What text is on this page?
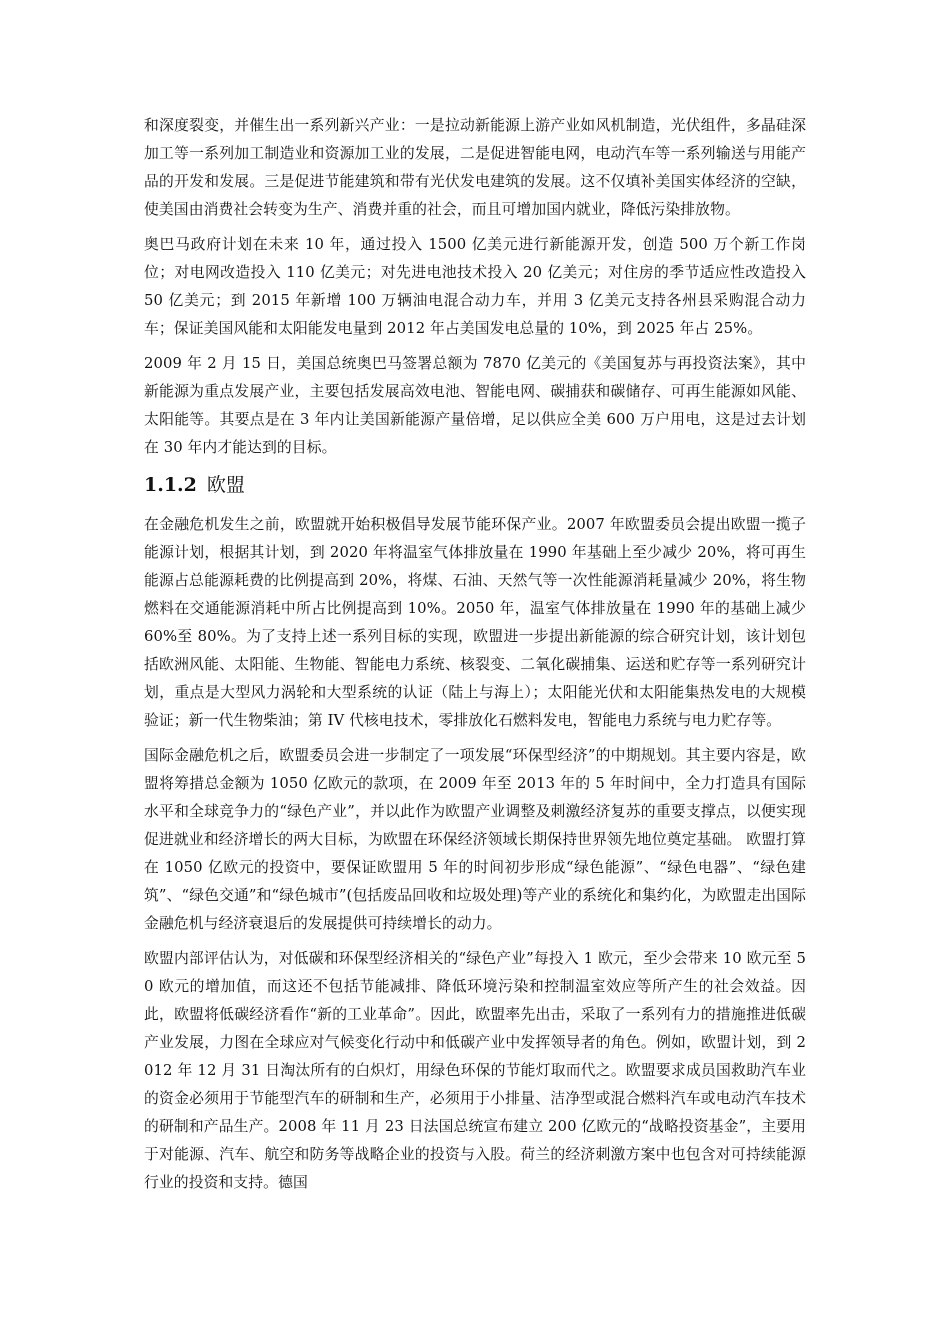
和深度裂变，并催生出一系列新兴产业：一是拉动新能源上游产业如风机制造，光伏组件，多晶硅深加工等一系列加工制造业和资源加工业的发展，二是促进智能电网，电动汽车等一系列输送与用能产品的开发和发展。三是促进节能建筑和带有光伏发电建筑的发展。这不仅填补美国实体经济的空缺，使美国由消费社会转变为生产、消费并重的社会，而且可增加国内就业，降低污染排放物。

奥巴马政府计划在未来 10 年，通过投入 1500 亿美元进行新能源开发，创造 500 万个新工作岗位；对电网改造投入 110 亿美元；对先进电池技术投入 20 亿美元；对住房的季节适应性改造投入 50 亿美元；到 2015 年新增 100 万辆油电混合动力车，并用 3 亿美元支持各州县采购混合动力车；保证美国风能和太阳能发电量到 2012 年占美国发电总量的 10%，到 2025 年占 25%。

2009 年 2 月 15 日，美国总统奥巴马签署总额为 7870 亿美元的《美国复苏与再投资法案》，其中新能源为重点发展产业，主要包括发展高效电池、智能电网、碳捕获和碳储存、可再生能源如风能、太阳能等。其要点是在 3 年内让美国新能源产量倍增，足以供应全美 600 万户用电，这是过去计划在 30 年内才能达到的目标。

1.1.2 欧盟

在金融危机发生之前，欧盟就开始积极倡导发展节能环保产业。2007 年欧盟委员会提出欧盟一揽子能源计划，根据其计划，到 2020 年将温室气体排放量在 1990 年基础上至少减少 20%，将可再生能源占总能源耗费的比例提高到 20%，将煤、石油、天然气等一次性能源消耗量减少 20%，将生物燃料在交通能源消耗中所占比例提高到 10%。2050 年，温室气体排放量在 1990 年的基础上减少 60%至 80%。为了支持上述一系列目标的实现，欧盟进一步提出新能源的综合研究计划，该计划包括欧洲风能、太阳能、生物能、智能电力系统、核裂变、二氧化碳捕集、运送和贮存等一系列研究计划，重点是大型风力涡轮和大型系统的认证（陆上与海上）；太阳能光伏和太阳能集热发电的大规模验证；新一代生物柴油；第 IV 代核电技术，零排放化石燃料发电，智能电力系统与电力贮存等。

国际金融危机之后，欧盟委员会进一步制定了一项发展“环保型经济”的中期规划。其主要内容是，欧盟将筹措总金额为 1050 亿欧元的款项，在 2009 年至 2013 年的 5 年时间中，全力打造具有国际水平和全球竞争力的“绿色产业”，并以此作为欧盟产业调整及刺激经济复苏的重要支撑点，以便实现促进就业和经济增长的两大目标，为欧盟在环保经济领域长期保持世界领先地位奠定基础。 欧盟打算在 1050 亿欧元的投资中，要保证欧盟用 5 年的时间初步形成“绿色能源”、“绿色电器”、“绿色建筑”、“绿色交通”和“绿色城市”(包括废品回收和垃圾处理)等产业的系统化和集约化，为欧盟走出国际金融危机与经济衰退后的发展提供可持续增长的动力。

欧盟内部评估认为，对低碳和环保型经济相关的“绿色产业”每投入 1 欧元，至少会带来 10 欧元至 50 欧元的增加值，而这还不包括节能减排、降低环境污染和控制温室效应等所产生的社会效益。因此，欧盟将低碳经济看作“新的工业革命”。因此，欧盟率先出击，采取了一系列有力的措施推进低碳产业发展，力图在全球应对气候变化行动中和低碳产业中发挥领导者的角色。例如，欧盟计划，到 2012 年 12 月 31 日淘汰所有的白炽灯，用绿色环保的节能灯取而代之。欧盟要求成员国救助汽车业的资金必须用于节能型汽车的研制和生产，必须用于小排量、洁净型或混合燃料汽车或电动汽车技术的研制和产品生产。2008 年 11 月 23 日法国总统宣布建立 200 亿欧元的“战略投资基金”，主要用于对能源、汽车、航空和防务等战略企业的投资与入股。荷兰的经济刺激方案中也包含对可持续能源行业的投资和支持。德国
